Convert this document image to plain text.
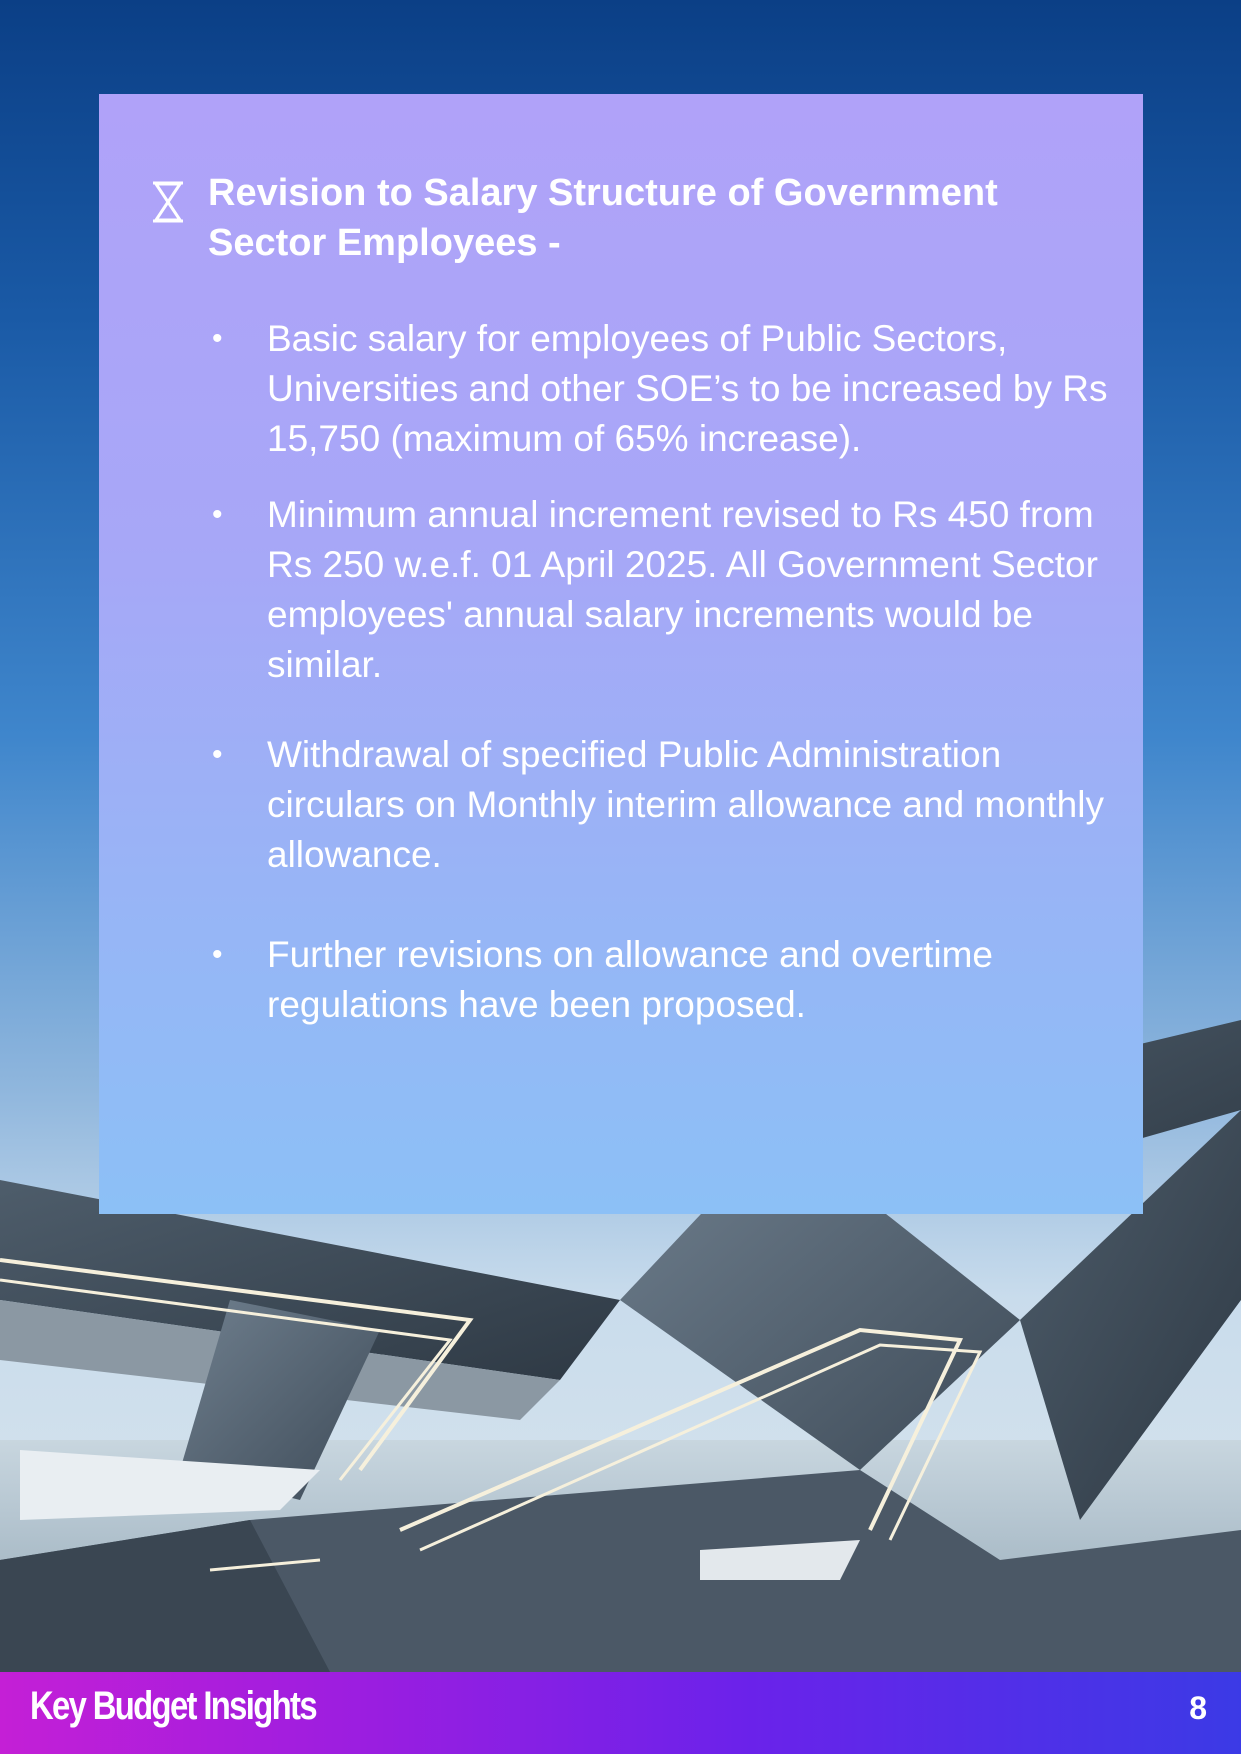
Revision to Salary Structure of Government Sector Employees -
• Basic salary for employees of Public Sectors, Universities and other SOE’s to be increased by Rs 15,750 (maximum of 65% increase).
• Minimum annual increment revised to Rs 450 from Rs 250 w.e.f. 01 April 2025. All Government Sector employees' annual salary increments would be similar.
• Withdrawal of specified Public Administration circulars on Monthly interim allowance and monthly allowance.
• Further revisions on allowance and overtime regulations have been proposed.
Key Budget Insights	8
